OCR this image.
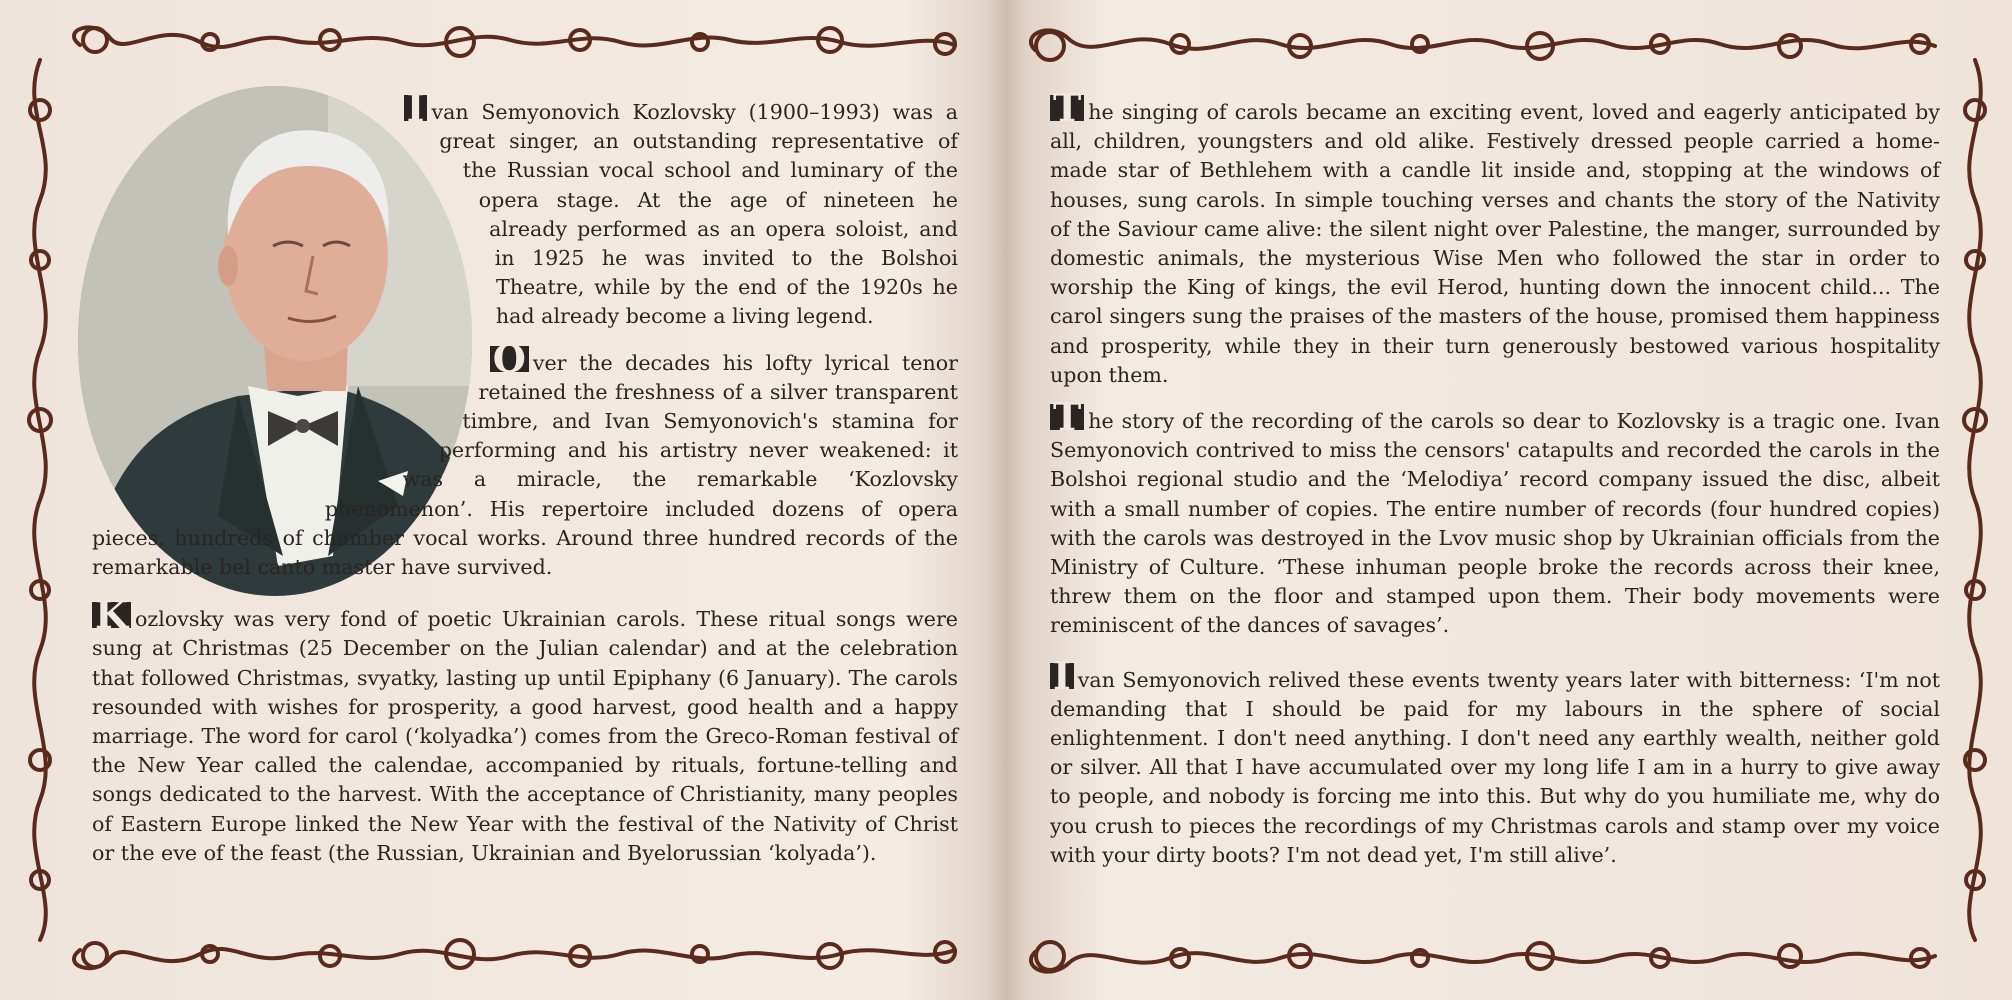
I van Semyonovich Kozlovsky (1900–1993) was a great singer, an outstanding representative of the Russian vocal school and luminary of the opera stage. At the age of nineteen he already performed as an opera soloist, and in 1925 he was invited to the Bolshoi Theatre, while by the end of the 1920s he had already become a living legend.

O ver the decades his lofty lyrical tenor retained the freshness of a silver transparent timbre, and Ivan Semyonovich's stamina for performing and his artistry never weakened: it was a miracle, the remarkable ‘Kozlovsky phenomenon’. His repertoire included dozens of opera pieces, hundreds of chamber vocal works. Around three hundred records of the remarkable bel canto master have survived.

K ozlovsky was very fond of poetic Ukrainian carols. These ritual songs were sung at Christmas (25 December on the Julian calendar) and at the celebration that followed Christmas, svyatky, lasting up until Epiphany (6 January). The carols resounded with wishes for prosperity, a good harvest, good health and a happy marriage. The word for carol (‘kolyadka’) comes from the Greco-Roman festival of the New Year called the calendae, accompanied by rituals, fortune-telling and songs dedicated to the harvest. With the acceptance of Christianity, many peoples of Eastern Europe linked the New Year with the festival of the Nativity of Christ or the eve of the feast (the Russian, Ukrainian and Byelorussian ‘kolyada’).

T he singing of carols became an exciting event, loved and eagerly anticipated by all, children, youngsters and old alike. Festively dressed people carried a home-made star of Bethlehem with a candle lit inside and, stopping at the windows of houses, sung carols. In simple touching verses and chants the story of the Nativity of the Saviour came alive: the silent night over Palestine, the manger, surrounded by domestic animals, the mysterious Wise Men who followed the star in order to worship the King of kings, the evil Herod, hunting down the innocent child... The carol singers sung the praises of the masters of the house, promised them happiness and prosperity, while they in their turn generously bestowed various hospitality upon them.

T he story of the recording of the carols so dear to Kozlovsky is a tragic one. Ivan Semyonovich contrived to miss the censors' catapults and recorded the carols in the Bolshoi regional studio and the ‘Melodiya’ record company issued the disc, albeit with a small number of copies. The entire number of records (four hundred copies) with the carols was destroyed in the Lvov music shop by Ukrainian officials from the Ministry of Culture. ‘These inhuman people broke the records across their knee, threw them on the floor and stamped upon them. Their body movements were reminiscent of the dances of savages’.

I van Semyonovich relived these events twenty years later with bitterness: ‘I'm not demanding that I should be paid for my labours in the sphere of social enlightenment. I don't need anything. I don't need any earthly wealth, neither gold or silver. All that I have accumulated over my long life I am in a hurry to give away to people, and nobody is forcing me into this. But why do you humiliate me, why do you crush to pieces the recordings of my Christmas carols and stamp over my voice with your dirty boots? I'm not dead yet, I'm still alive’.
